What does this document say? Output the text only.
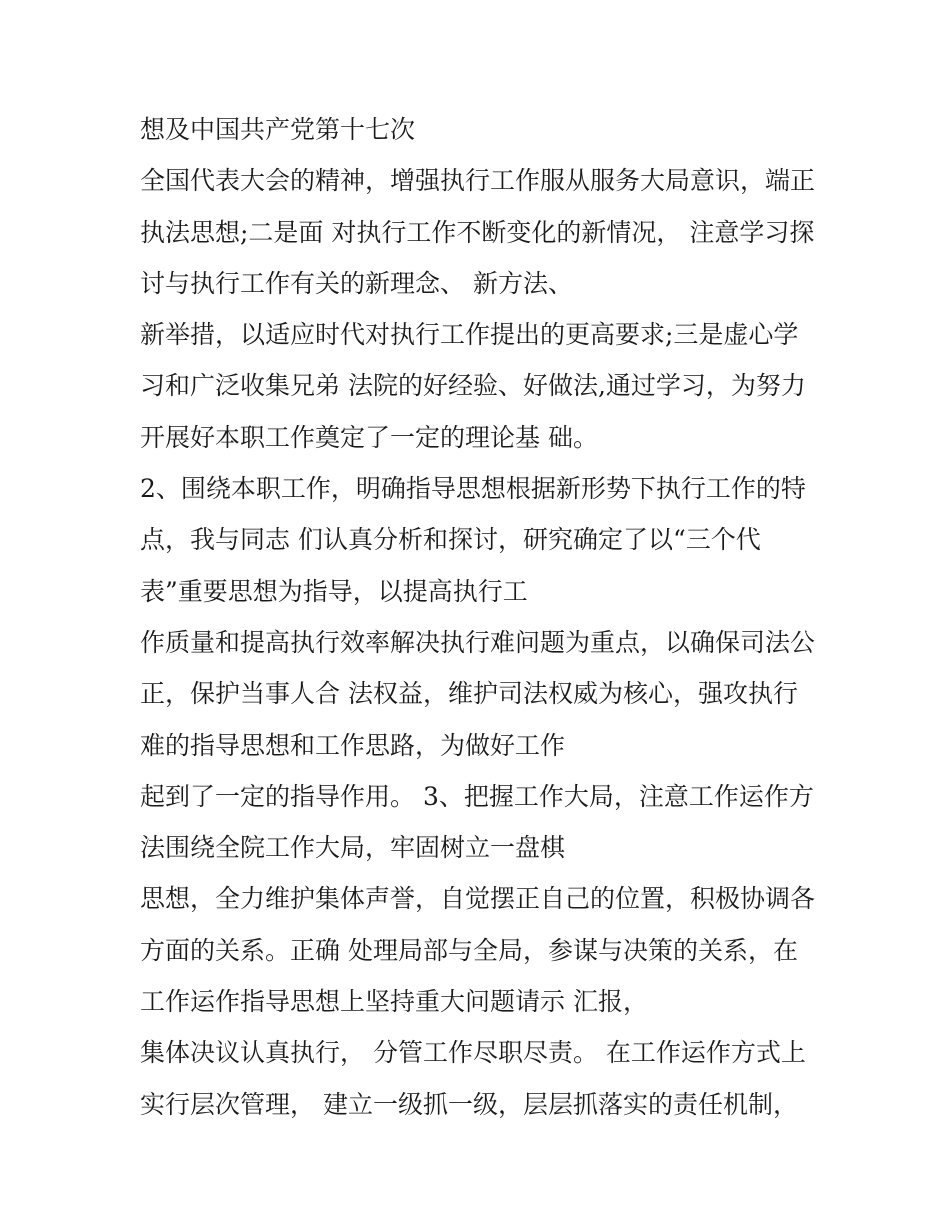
想及中国共产党第十七次
全国代表大会的精神，增强执行工作服从服务大局意识，端正
执法思想;二是面 对执行工作不断变化的新情况， 注意学习探
讨与执行工作有关的新理念、 新方法、
新举措，以适应时代对执行工作提出的更高要求;三是虚心学
习和广泛收集兄弟 法院的好经验、好做法,通过学习，为努力
开展好本职工作奠定了一定的理论基 础。
2、围绕本职工作，明确指导思想根据新形势下执行工作的特
点，我与同志 们认真分析和探讨，研究确定了以“三个代
表”重要思想为指导，以提高执行工
作质量和提高执行效率解决执行难问题为重点，以确保司法公
正，保护当事人合 法权益，维护司法权威为核心，强攻执行
难的指导思想和工作思路，为做好工作
起到了一定的指导作用。 3、把握工作大局，注意工作运作方
法围绕全院工作大局，牢固树立一盘棋
思想，全力维护集体声誉，自觉摆正自己的位置，积极协调各
方面的关系。正确 处理局部与全局，参谋与决策的关系，在
工作运作指导思想上坚持重大问题请示 汇报，
集体决议认真执行， 分管工作尽职尽责。 在工作运作方式上
实行层次管理， 建立一级抓一级，层层抓落实的责任机制，
